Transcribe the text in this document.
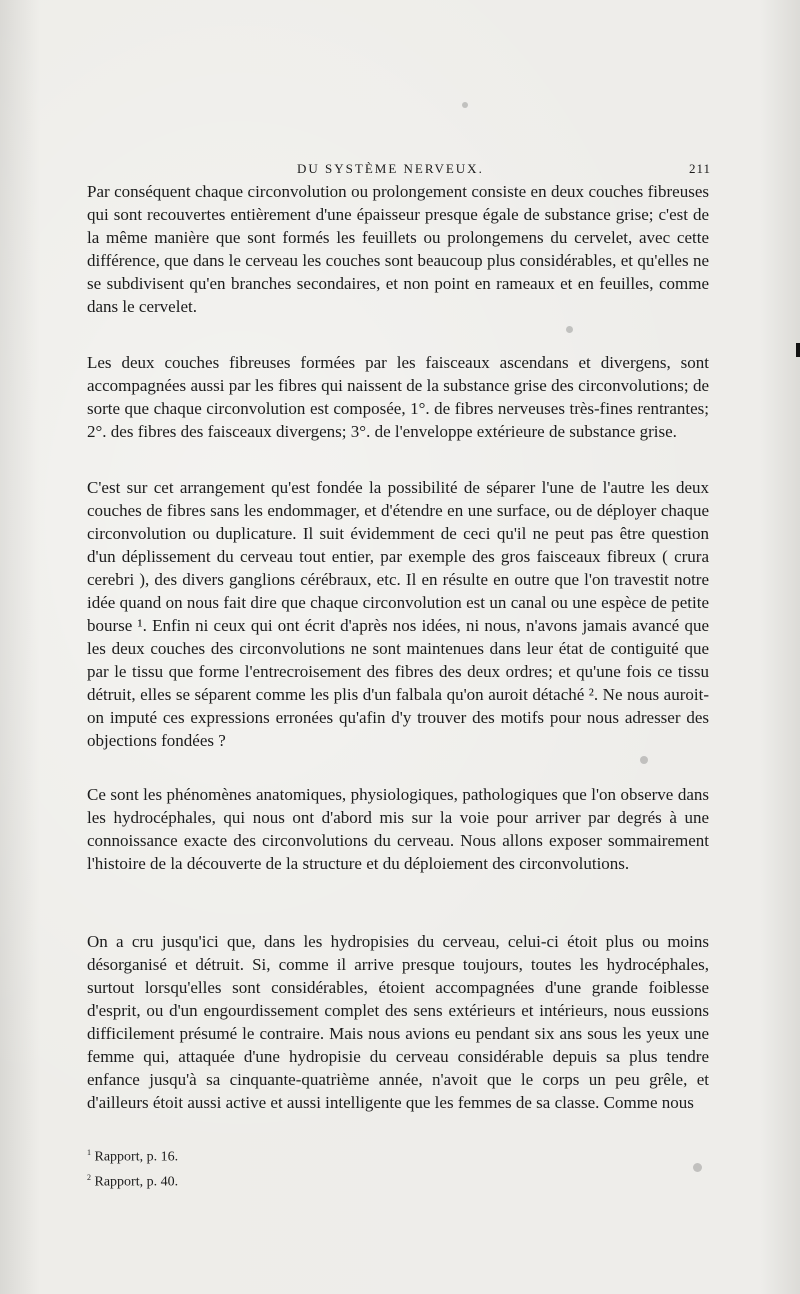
DU SYSTÈME NERVEUX.	211

Par conséquent chaque circonvolution ou prolongement consiste en deux couches fibreuses qui sont recouvertes entièrement d'une épaisseur presque égale de substance grise; c'est de la même manière que sont formés les feuillets ou prolongemens du cervelet, avec cette différence, que dans le cerveau les couches sont beaucoup plus considérables, et qu'elles ne se subdivisent qu'en branches secondaires, et non point en rameaux et en feuilles, comme dans le cervelet.

Les deux couches fibreuses formées par les faisceaux ascendans et divergens, sont accompagnées aussi par les fibres qui naissent de la substance grise des circonvolutions; de sorte que chaque circonvolution est composée, 1°. de fibres nerveuses très-fines rentrantes; 2°. des fibres des faisceaux divergens; 3°. de l'enveloppe extérieure de substance grise.

C'est sur cet arrangement qu'est fondée la possibilité de séparer l'une de l'autre les deux couches de fibres sans les endommager, et d'étendre en une surface, ou de déployer chaque circonvolution ou duplicature. Il suit évidemment de ceci qu'il ne peut pas être question d'un déplissement du cerveau tout entier, par exemple des gros faisceaux fibreux ( crura cerebri ), des divers ganglions cérébraux, etc. Il en résulte en outre que l'on travestit notre idée quand on nous fait dire que chaque circonvolution est un canal ou une espèce de petite bourse ¹. Enfin ni ceux qui ont écrit d'après nos idées, ni nous, n'avons jamais avancé que les deux couches des circonvolutions ne sont maintenues dans leur état de contiguité que par le tissu que forme l'entrecroisement des fibres des deux ordres; et qu'une fois ce tissu détruit, elles se séparent comme les plis d'un falbala qu'on auroit détaché ². Ne nous auroit-on imputé ces expressions erronées qu'afin d'y trouver des motifs pour nous adresser des objections fondées ?

Ce sont les phénomènes anatomiques, physiologiques, pathologiques que l'on observe dans les hydrocéphales, qui nous ont d'abord mis sur la voie pour arriver par degrés à une connoissance exacte des circonvolutions du cerveau. Nous allons exposer sommairement l'histoire de la découverte de la structure et du déploiement des circonvolutions.

On a cru jusqu'ici que, dans les hydropisies du cerveau, celui-ci étoit plus ou moins désorganisé et détruit. Si, comme il arrive presque toujours, toutes les hydrocéphales, surtout lorsqu'elles sont considérables, étoient accompagnées d'une grande foiblesse d'esprit, ou d'un engourdissement complet des sens extérieurs et intérieurs, nous eussions difficilement présumé le contraire. Mais nous avions eu pendant six ans sous les yeux une femme qui, attaquée d'une hydropisie du cerveau considérable depuis sa plus tendre enfance jusqu'à sa cinquante-quatrième année, n'avoit que le corps un peu grêle, et d'ailleurs étoit aussi active et aussi intelligente que les femmes de sa classe. Comme nous

$^1$ Rapport, p. 16.
$^2$ Rapport, p. 40.
